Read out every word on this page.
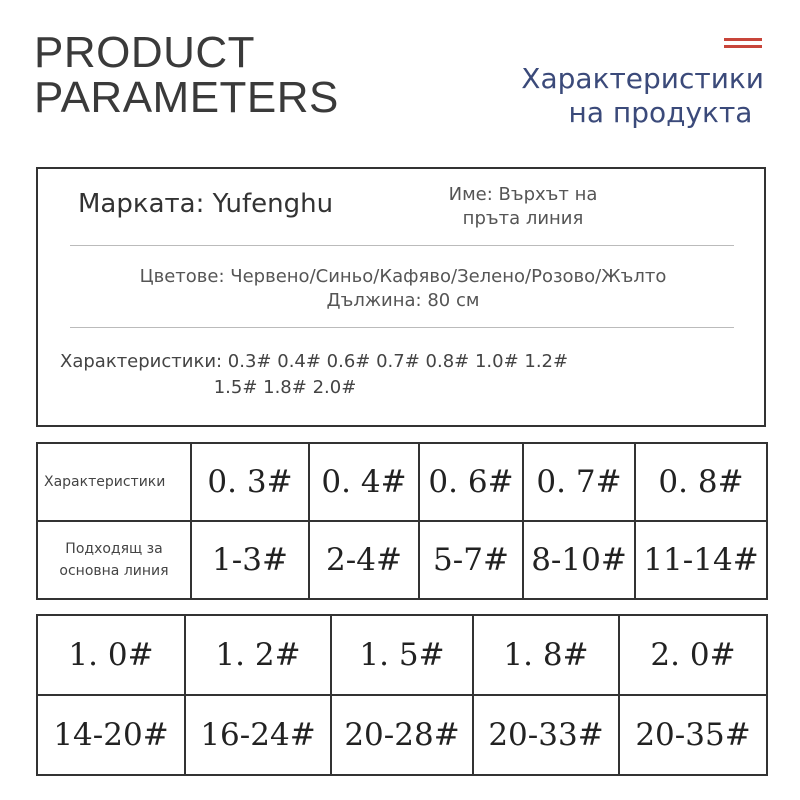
PRODUCT
PARAMETERS	Характеристики
на продукта
Марката: Yufenghu	Име: Върхът на
пръта линия
Цветове: Червено/Синьо/Кафяво/Зелено/Розово/Жълто
Дължина: 80 см
Характеристики: 0.3# 0.4# 0.6# 0.7# 0.8# 1.0# 1.2#
1.5# 1.8# 2.0#
Характеристики	0. 3#	0. 4#	0. 6#	0. 7#	0. 8#

Подходящ за
основна линия	1-3#	2-4#	5-7#	8-10#	11-14#
1. 0#	1. 2#	1. 5#	1. 8#	2. 0#
14-20#	16-24#	20-28#	20-33#	20-35#
